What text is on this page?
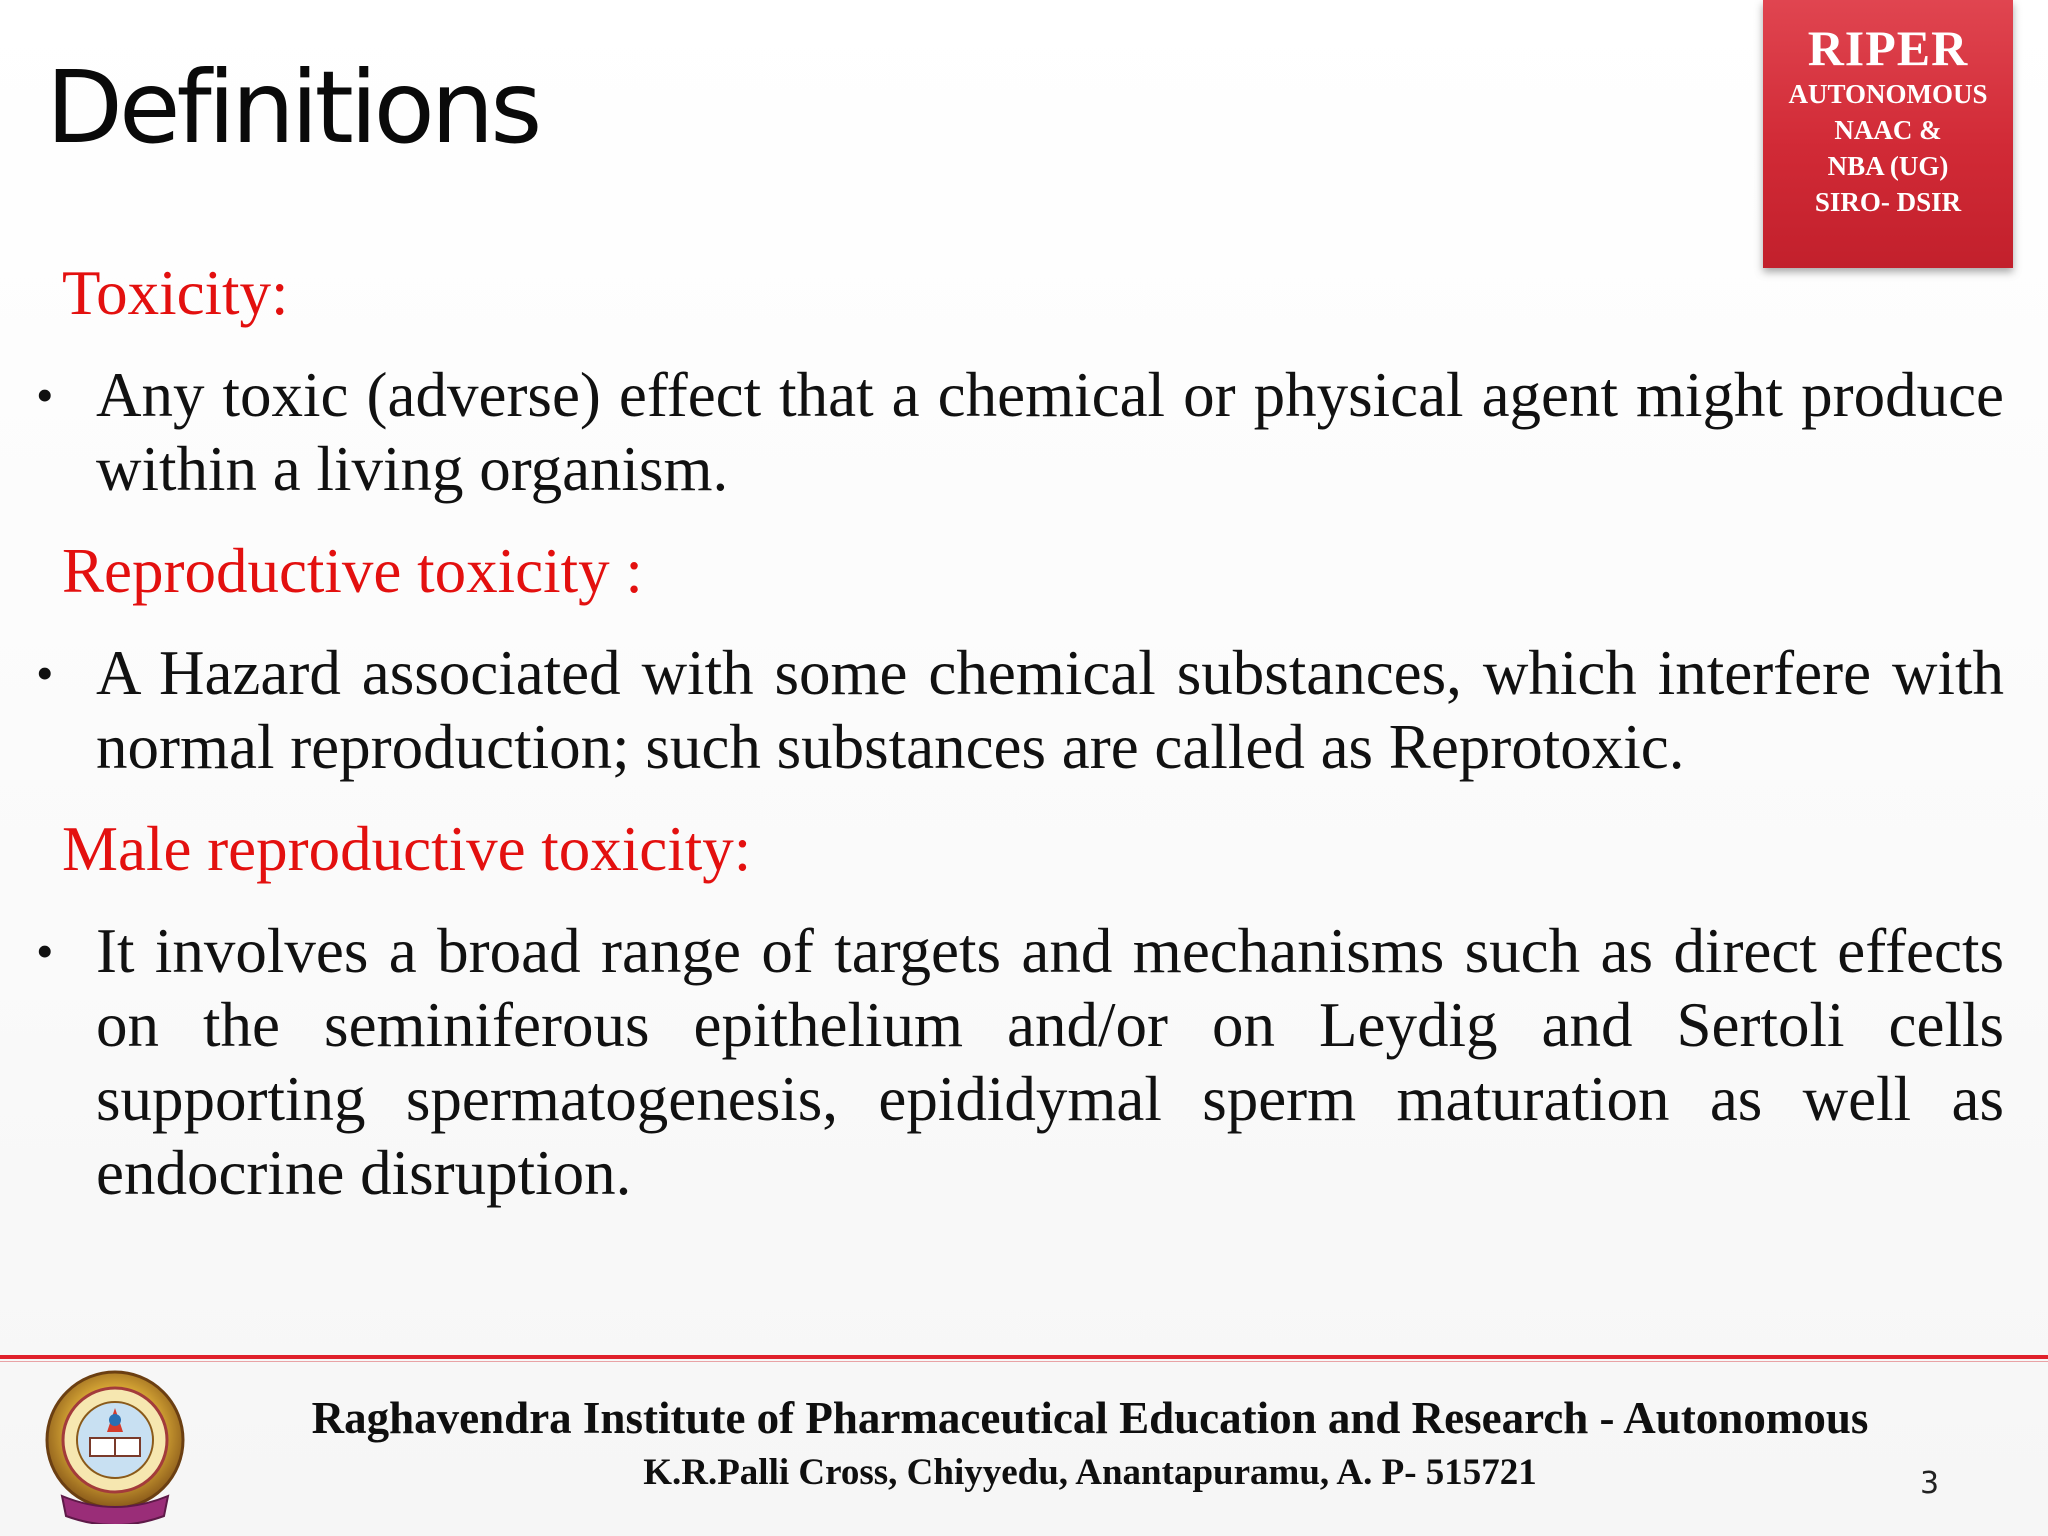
Definitions
RIPER
AUTONOMOUS
NAAC &
NBA (UG)
SIRO- DSIR
Toxicity:
• Any toxic (adverse) effect that a chemical or physical agent might produce within a living organism.
Reproductive toxicity :
• A Hazard associated with some chemical substances, which interfere with normal reproduction; such substances are called as Reprotoxic.
Male reproductive toxicity:
• It involves a broad range of targets and mechanisms such as direct effects on the seminiferous epithelium and/or on Leydig and Sertoli cells supporting spermatogenesis, epididymal sperm maturation as well as endocrine disruption.
Raghavendra Institute of Pharmaceutical Education and Research - Autonomous
K.R.Palli Cross, Chiyyedu, Anantapuramu, A. P- 515721	3
